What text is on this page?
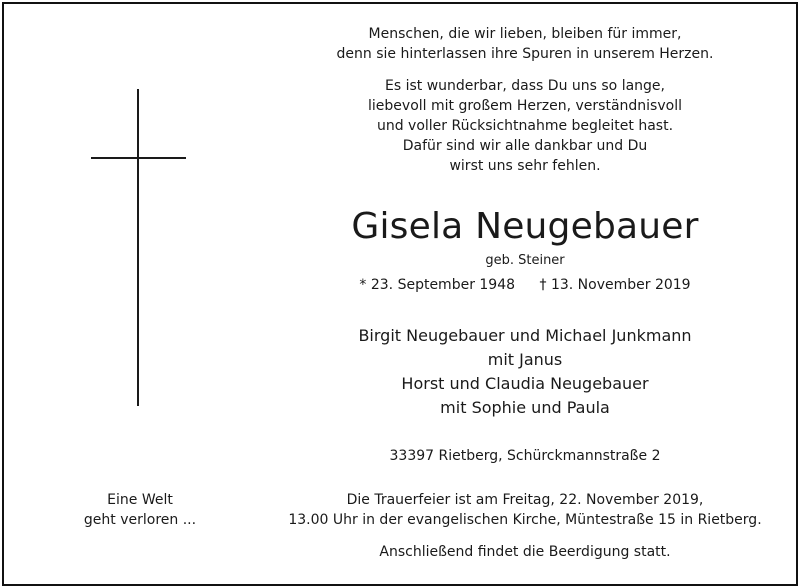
Menschen, die wir lieben, bleiben für immer,

denn sie hinterlassen ihre Spuren in unserem Herzen.

Es ist wunderbar, dass Du uns so lange,

liebevoll mit großem Herzen, verständnisvoll

und voller Rücksichtnahme begleitet hast.

Dafür sind wir alle dankbar und Du

wirst uns sehr fehlen.

Gisela Neugebauer
geb. Steiner
* 23. September 1948 † 13. November 2019
Birgit Neugebauer und Michael Junkmann
mit Janus
Horst und Claudia Neugebauer
mit Sophie und Paula
33397 Rietberg, Schürckmannstraße 2
Eine Welt
geht verloren ...
Die Trauerfeier ist am Freitag, 22. November 2019,
13.00 Uhr in der evangelischen Kirche, Müntestraße 15 in Rietberg.
Anschließend findet die Beerdigung statt.
